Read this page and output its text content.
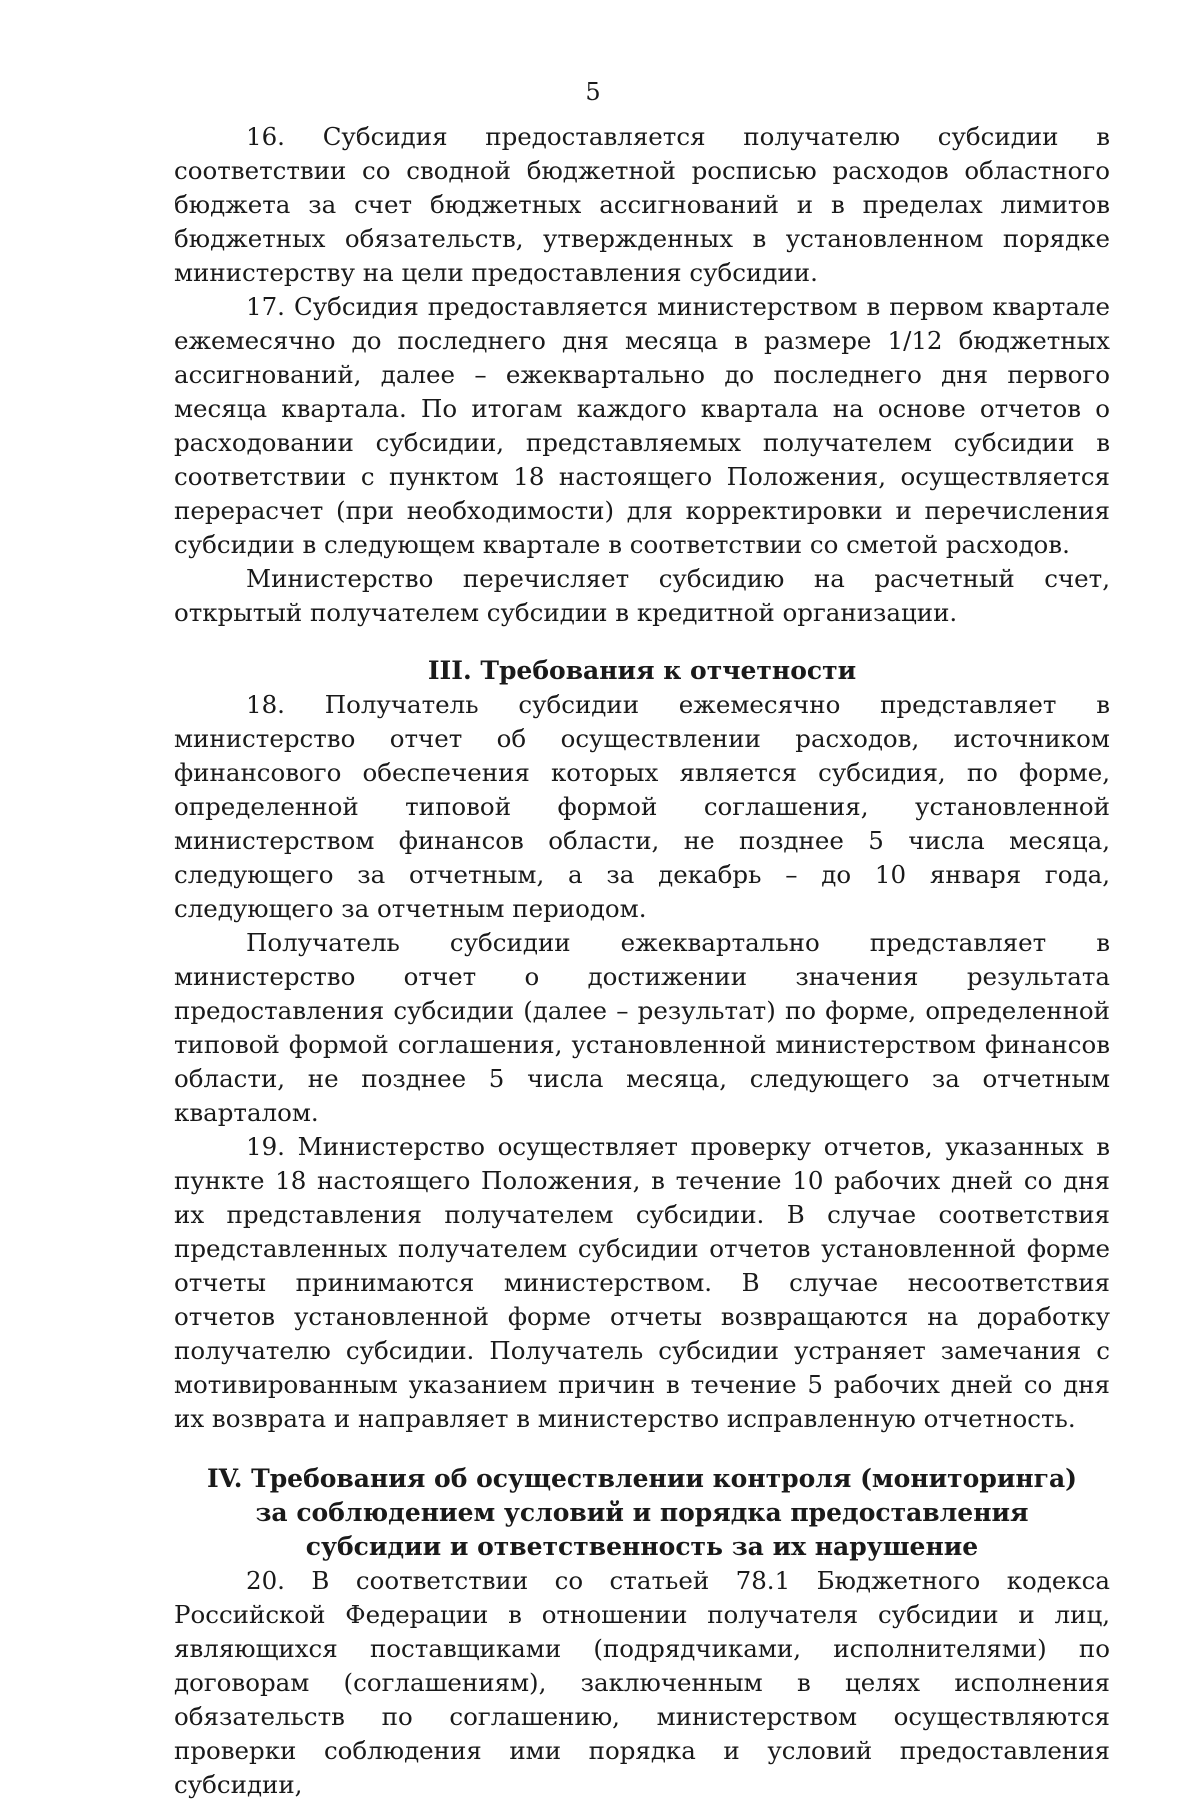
5

16. Субсидия предоставляется получателю субсидии в соответствии со сводной бюджетной росписью расходов областного бюджета за счет бюджетных ассигнований и в пределах лимитов бюджетных обязательств, утвержденных в установленном порядке министерству на цели предоставления субсидии.

17. Субсидия предоставляется министерством в первом квартале ежемесячно до последнего дня месяца в размере 1/12 бюджетных ассигнований, далее – ежеквартально до последнего дня первого месяца квартала. По итогам каждого квартала на основе отчетов о расходовании субсидии, представляемых получателем субсидии в соответствии с пунктом 18 настоящего Положения, осуществляется перерасчет (при необходимости) для корректировки и перечисления субсидии в следующем квартале в соответствии со сметой расходов.

Министерство перечисляет субсидию на расчетный счет, открытый получателем субсидии в кредитной организации.

III. Требования к отчетности

18. Получатель субсидии ежемесячно представляет в министерство отчет об осуществлении расходов, источником финансового обеспечения которых является субсидия, по форме, определенной типовой формой соглашения, установленной министерством финансов области, не позднее 5 числа месяца, следующего за отчетным, а за декабрь – до 10 января года, следующего за отчетным периодом.

Получатель субсидии ежеквартально представляет в министерство отчет о достижении значения результата предоставления субсидии (далее – результат) по форме, определенной типовой формой соглашения, установленной министерством финансов области, не позднее 5 числа месяца, следующего за отчетным кварталом.

19. Министерство осуществляет проверку отчетов, указанных в пункте 18 настоящего Положения, в течение 10 рабочих дней со дня их представления получателем субсидии. В случае соответствия представленных получателем субсидии отчетов установленной форме отчеты принимаются министерством. В случае несоответствия отчетов установленной форме отчеты возвращаются на доработку получателю субсидии. Получатель субсидии устраняет замечания с мотивированным указанием причин в течение 5 рабочих дней со дня их возврата и направляет в министерство исправленную отчетность.

IV. Требования об осуществлении контроля (мониторинга)
за соблюдением условий и порядка предоставления
субсидии и ответственность за их нарушение

20. В соответствии со статьей 78.1 Бюджетного кодекса Российской Федерации в отношении получателя субсидии и лиц, являющихся поставщиками (подрядчиками, исполнителями) по договорам (соглашениям), заключенным в целях исполнения обязательств по соглашению, министерством осуществляются проверки соблюдения ими порядка и условий предоставления субсидии,
